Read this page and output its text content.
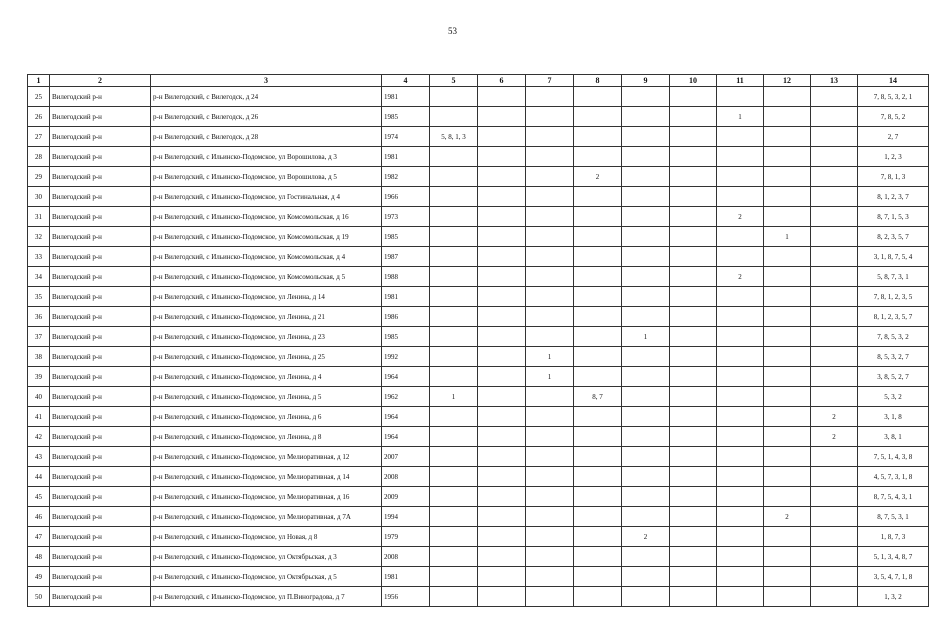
53
1	2	3	4	5	6	7	8	9	10	11	12	13	14
25	Вилегодский р-н	р-н Вилегодский, с Вилегодск, д 24	1981										7, 8, 5, 3, 2, 1
26	Вилегодский р-н	р-н Вилегодский, с Вилегодск, д 26	1985							1			7, 8, 5, 2
27	Вилегодский р-н	р-н Вилегодский, с Вилегодск, д 28	1974	5, 8, 1, 3									2, 7
28	Вилегодский р-н	р-н Вилегодский, с Ильинско-Подомское, ул Ворошилова, д 3	1981										1, 2, 3
29	Вилегодский р-н	р-н Вилегодский, с Ильинско-Подомское, ул Ворошилова, д 5	1982				2						7, 8, 1, 3
30	Вилегодский р-н	р-н Вилегодский, с Ильинско-Подомское, ул Гостинальная, д 4	1966										8, 1, 2, 3, 7
31	Вилегодский р-н	р-н Вилегодский, с Ильинско-Подомское, ул Комсомольская, д 16	1973							2			8, 7, 1, 5, 3
32	Вилегодский р-н	р-н Вилегодский, с Ильинско-Подомское, ул Комсомольская, д 19	1985								1		8, 2, 3, 5, 7
33	Вилегодский р-н	р-н Вилегодский, с Ильинско-Подомское, ул Комсомольская, д 4	1987										3, 1, 8, 7, 5, 4
34	Вилегодский р-н	р-н Вилегодский, с Ильинско-Подомское, ул Комсомольская, д 5	1988							2			5, 8, 7, 3, 1
35	Вилегодский р-н	р-н Вилегодский, с Ильинско-Подомское, ул Ленина, д 14	1981										7, 8, 1, 2, 3, 5
36	Вилегодский р-н	р-н Вилегодский, с Ильинско-Подомское, ул Ленина, д 21	1986										8, 1, 2, 3, 5, 7
37	Вилегодский р-н	р-н Вилегодский, с Ильинско-Подомское, ул Ленина, д 23	1985					1					7, 8, 5, 3, 2
38	Вилегодский р-н	р-н Вилегодский, с Ильинско-Подомское, ул Ленина, д 25	1992			1							8, 5, 3, 2, 7
39	Вилегодский р-н	р-н Вилегодский, с Ильинско-Подомское, ул Ленина, д 4	1964			1							3, 8, 5, 2, 7
40	Вилегодский р-н	р-н Вилегодский, с Ильинско-Подомское, ул Ленина, д 5	1962	1			8, 7						5, 3, 2
41	Вилегодский р-н	р-н Вилегодский, с Ильинско-Подомское, ул Ленина, д 6	1964									2	3, 1, 8
42	Вилегодский р-н	р-н Вилегодский, с Ильинско-Подомское, ул Ленина, д 8	1964									2	3, 8, 1
43	Вилегодский р-н	р-н Вилегодский, с Ильинско-Подомское, ул Мелиоративная, д 12	2007										7, 5, 1, 4, 3, 8
44	Вилегодский р-н	р-н Вилегодский, с Ильинско-Подомское, ул Мелиоративная, д 14	2008										4, 5, 7, 3, 1, 8
45	Вилегодский р-н	р-н Вилегодский, с Ильинско-Подомское, ул Мелиоративная, д 16	2009										8, 7, 5, 4, 3, 1
46	Вилегодский р-н	р-н Вилегодский, с Ильинско-Подомское, ул Мелиоративная, д 7А	1994								2		8, 7, 5, 3, 1
47	Вилегодский р-н	р-н Вилегодский, с Ильинско-Подомское, ул Новая, д 8	1979					2					1, 8, 7, 3
48	Вилегодский р-н	р-н Вилегодский, с Ильинско-Подомское, ул Октябрьская, д 3	2008										5, 1, 3, 4, 8, 7
49	Вилегодский р-н	р-н Вилегодский, с Ильинско-Подомское, ул Октябрьская, д 5	1981										3, 5, 4, 7, 1, 8
50	Вилегодский р-н	р-н Вилегодский, с Ильинско-Подомское, ул П.Виноградова, д 7	1956										1, 3, 2
